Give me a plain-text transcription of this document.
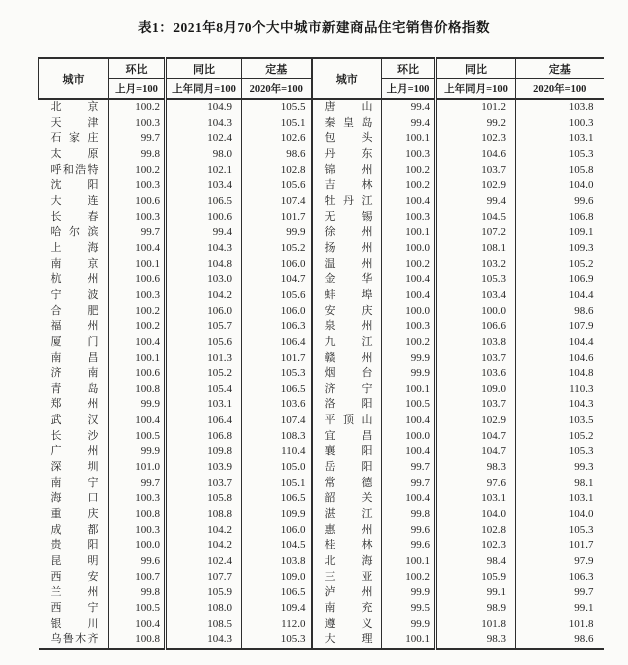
表1：2021年8月70个大中城市新建商品住宅销售价格指数
城市	环比	同比	定基	城市	环比	同比	定基
	上月=100	上年同月=100	2020年=100		上月=100	上年同月=100	2020年=100
北京	100.2	104.9	105.5	唐山	99.4	101.2	103.8
天津	100.3	104.3	105.1	秦皇岛	99.4	99.2	100.3
石家庄	99.7	102.4	102.6	包头	100.1	102.3	103.1
太原	99.8	98.0	98.6	丹东	100.3	104.6	105.3
呼和浩特	100.2	102.1	102.8	锦州	100.2	103.7	105.8
沈阳	100.3	103.4	105.6	吉林	100.2	102.9	104.0
大连	100.6	106.5	107.4	牡丹江	100.4	99.4	99.6
长春	100.3	100.6	101.7	无锡	100.3	104.5	106.8
哈尔滨	99.7	99.4	99.9	徐州	100.1	107.2	109.1
上海	100.4	104.3	105.2	扬州	100.0	108.1	109.3
南京	100.1	104.8	106.0	温州	100.2	103.2	105.2
杭州	100.6	103.0	104.7	金华	100.4	105.3	106.9
宁波	100.3	104.2	105.6	蚌埠	100.4	103.4	104.4
合肥	100.2	106.0	106.0	安庆	100.0	100.0	98.6
福州	100.2	105.7	106.3	泉州	100.3	106.6	107.9
厦门	100.4	105.6	106.4	九江	100.2	103.8	104.4
南昌	100.1	101.3	101.7	赣州	99.9	103.7	104.6
济南	100.6	105.2	105.3	烟台	99.9	103.6	104.8
青岛	100.8	105.4	106.5	济宁	100.1	109.0	110.3
郑州	99.9	103.1	103.6	洛阳	100.5	103.7	104.3
武汉	100.4	106.4	107.4	平顶山	100.4	102.9	103.5
长沙	100.5	106.8	108.3	宜昌	100.0	104.7	105.2
广州	99.9	109.8	110.4	襄阳	100.4	104.7	105.3
深圳	101.0	103.9	105.0	岳阳	99.7	98.3	99.3
南宁	99.7	103.7	105.1	常德	99.7	97.6	98.1
海口	100.3	105.8	106.5	韶关	100.4	103.1	103.1
重庆	100.8	108.8	109.9	湛江	99.8	104.0	104.0
成都	100.3	104.2	106.0	惠州	99.6	102.8	105.3
贵阳	100.0	104.2	104.5	桂林	99.6	102.3	101.7
昆明	99.6	102.4	103.8	北海	100.1	98.4	97.9
西安	100.7	107.7	109.0	三亚	100.2	105.9	106.3
兰州	99.8	105.9	106.5	泸州	99.9	99.1	99.7
西宁	100.5	108.0	109.4	南充	99.5	98.9	99.1
银川	100.4	108.5	112.0	遵义	99.9	101.8	101.8
乌鲁木齐	100.8	104.3	105.3	大理	100.1	98.3	98.6
